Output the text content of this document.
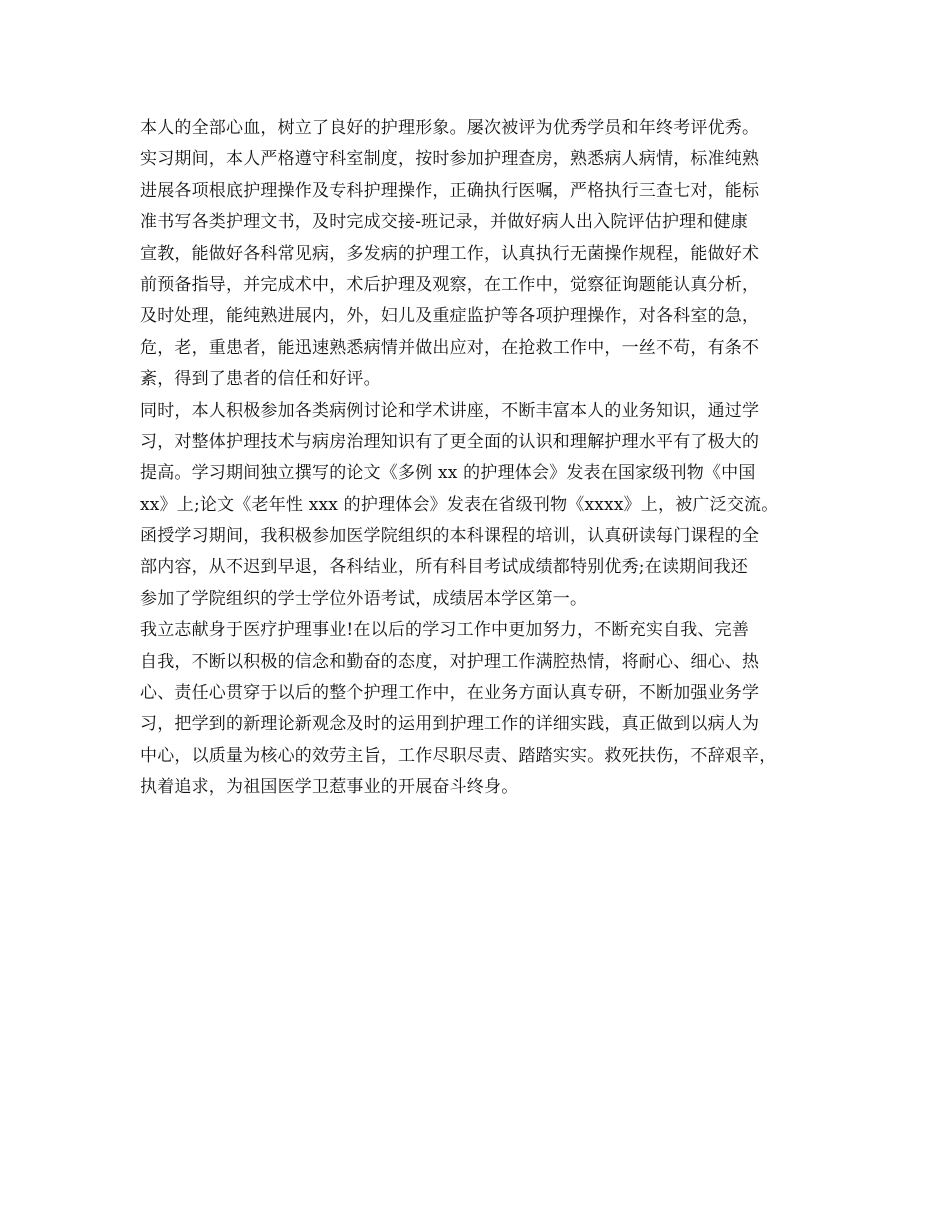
本人的全部心血，树立了良好的护理形象。屡次被评为优秀学员和年终考评优秀。
实习期间，本人严格遵守科室制度，按时参加护理查房，熟悉病人病情，标准纯熟
进展各项根底护理操作及专科护理操作，正确执行医嘱，严格执行三查七对，能标
准书写各类护理文书，及时完成交接-班记录，并做好病人出入院评估护理和健康
宣教，能做好各科常见病，多发病的护理工作，认真执行无菌操作规程，能做好术
前预备指导，并完成术中，术后护理及观察，在工作中，觉察征询题能认真分析，
及时处理，能纯熟进展内，外，妇儿及重症监护等各项护理操作，对各科室的急，
危，老，重患者，能迅速熟悉病情并做出应对，在抢救工作中，一丝不苟，有条不
紊，得到了患者的信任和好评。
同时，本人积极参加各类病例讨论和学术讲座，不断丰富本人的业务知识，通过学
习，对整体护理技术与病房治理知识有了更全面的认识和理解护理水平有了极大的
提高。学习期间独立撰写的论文《多例 xx 的护理体会》发表在国家级刊物《中国
xx》上;论文《老年性 xxx 的护理体会》发表在省级刊物《xxxx》上，被广泛交流。
函授学习期间，我积极参加医学院组织的本科课程的培训，认真研读每门课程的全
部内容，从不迟到早退，各科结业，所有科目考试成绩都特别优秀;在读期间我还
参加了学院组织的学士学位外语考试，成绩居本学区第一。
我立志献身于医疗护理事业!在以后的学习工作中更加努力，不断充实自我、完善
自我，不断以积极的信念和勤奋的态度，对护理工作满腔热情，将耐心、细心、热
心、责任心贯穿于以后的整个护理工作中，在业务方面认真专研，不断加强业务学
习，把学到的新理论新观念及时的运用到护理工作的详细实践，真正做到以病人为
中心，以质量为核心的效劳主旨，工作尽职尽责、踏踏实实。救死扶伤，不辞艰辛，
执着追求，为祖国医学卫惹事业的开展奋斗终身。
